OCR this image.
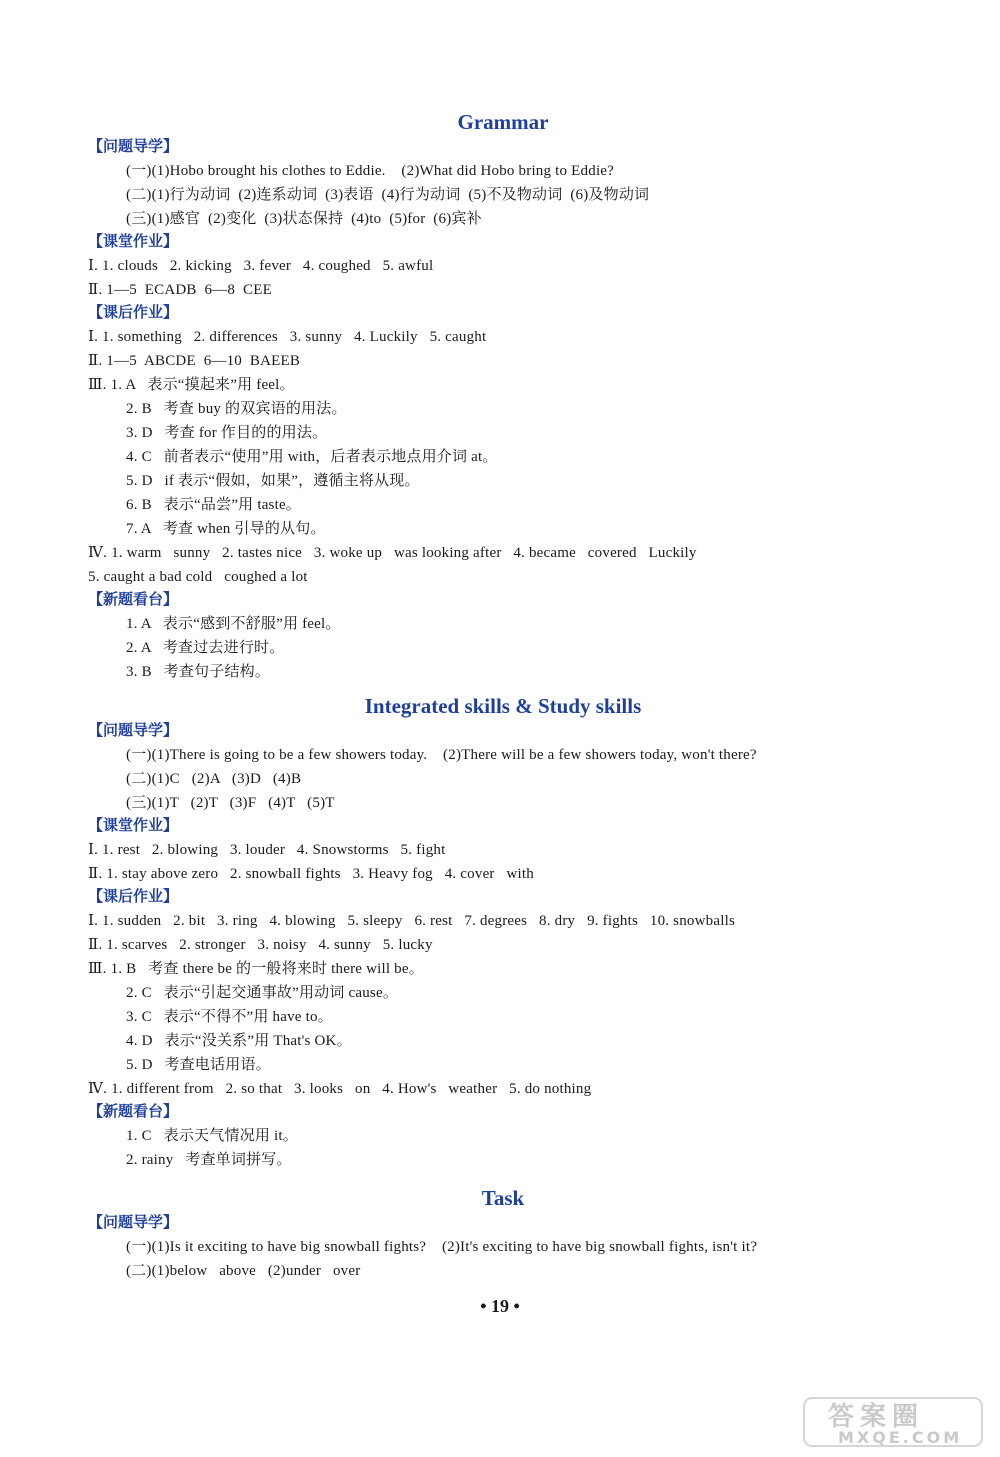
Grammar
【问题导学】
(一)(1)Hobo brought his clothes to Eddie.    (2)What did Hobo bring to Eddie?
(二)(1)行为动词  (2)连系动词  (3)表语  (4)行为动词  (5)不及物动词  (6)及物动词
(三)(1)感官  (2)变化  (3)状态保持  (4)to  (5)for  (6)宾补
【课堂作业】
Ⅰ. 1. clouds   2. kicking   3. fever   4. coughed   5. awful
Ⅱ. 1—5  ECADB  6—8  CEE
【课后作业】
Ⅰ. 1. something   2. differences   3. sunny   4. Luckily   5. caught
Ⅱ. 1—5  ABCDE  6—10  BAEEB
Ⅲ. 1. A   表示“摸起来”用 feel。
2. B   考查 buy 的双宾语的用法。
3. D   考查 for 作目的的用法。
4. C   前者表示“使用”用 with，后者表示地点用介词 at。
5. D   if 表示“假如，如果”，遵循主将从现。
6. B   表示“品尝”用 taste。
7. A   考查 when 引导的从句。
Ⅳ. 1. warm   sunny   2. tastes nice   3. woke up   was looking after   4. became   covered   Luckily
5. caught a bad cold   coughed a lot
【新题看台】
1. A   表示“感到不舒服”用 feel。
2. A   考查过去进行时。
3. B   考查句子结构。
Integrated skills & Study skills
【问题导学】
(一)(1)There is going to be a few showers today.    (2)There will be a few showers today, won't there?
(二)(1)C   (2)A   (3)D   (4)B
(三)(1)T   (2)T   (3)F   (4)T   (5)T
【课堂作业】
Ⅰ. 1. rest   2. blowing   3. louder   4. Snowstorms   5. fight
Ⅱ. 1. stay above zero   2. snowball fights   3. Heavy fog   4. cover   with
【课后作业】
Ⅰ. 1. sudden   2. bit   3. ring   4. blowing   5. sleepy   6. rest   7. degrees   8. dry   9. fights   10. snowballs
Ⅱ. 1. scarves   2. stronger   3. noisy   4. sunny   5. lucky
Ⅲ. 1. B   考查 there be 的一般将来时 there will be。
2. C   表示“引起交通事故”用动词 cause。
3. C   表示“不得不”用 have to。
4. D   表示“没关系”用 That's OK。
5. D   考查电话用语。
Ⅳ. 1. different from   2. so that   3. looks   on   4. How's   weather   5. do nothing
【新题看台】
1. C   表示天气情况用 it。
2. rainy   考查单词拼写。
Task
【问题导学】
(一)(1)Is it exciting to have big snowball fights?    (2)It's exciting to have big snowball fights, isn't it?
(二)(1)below   above   (2)under   over
• 19 •
答案圈
MXQE.COM
